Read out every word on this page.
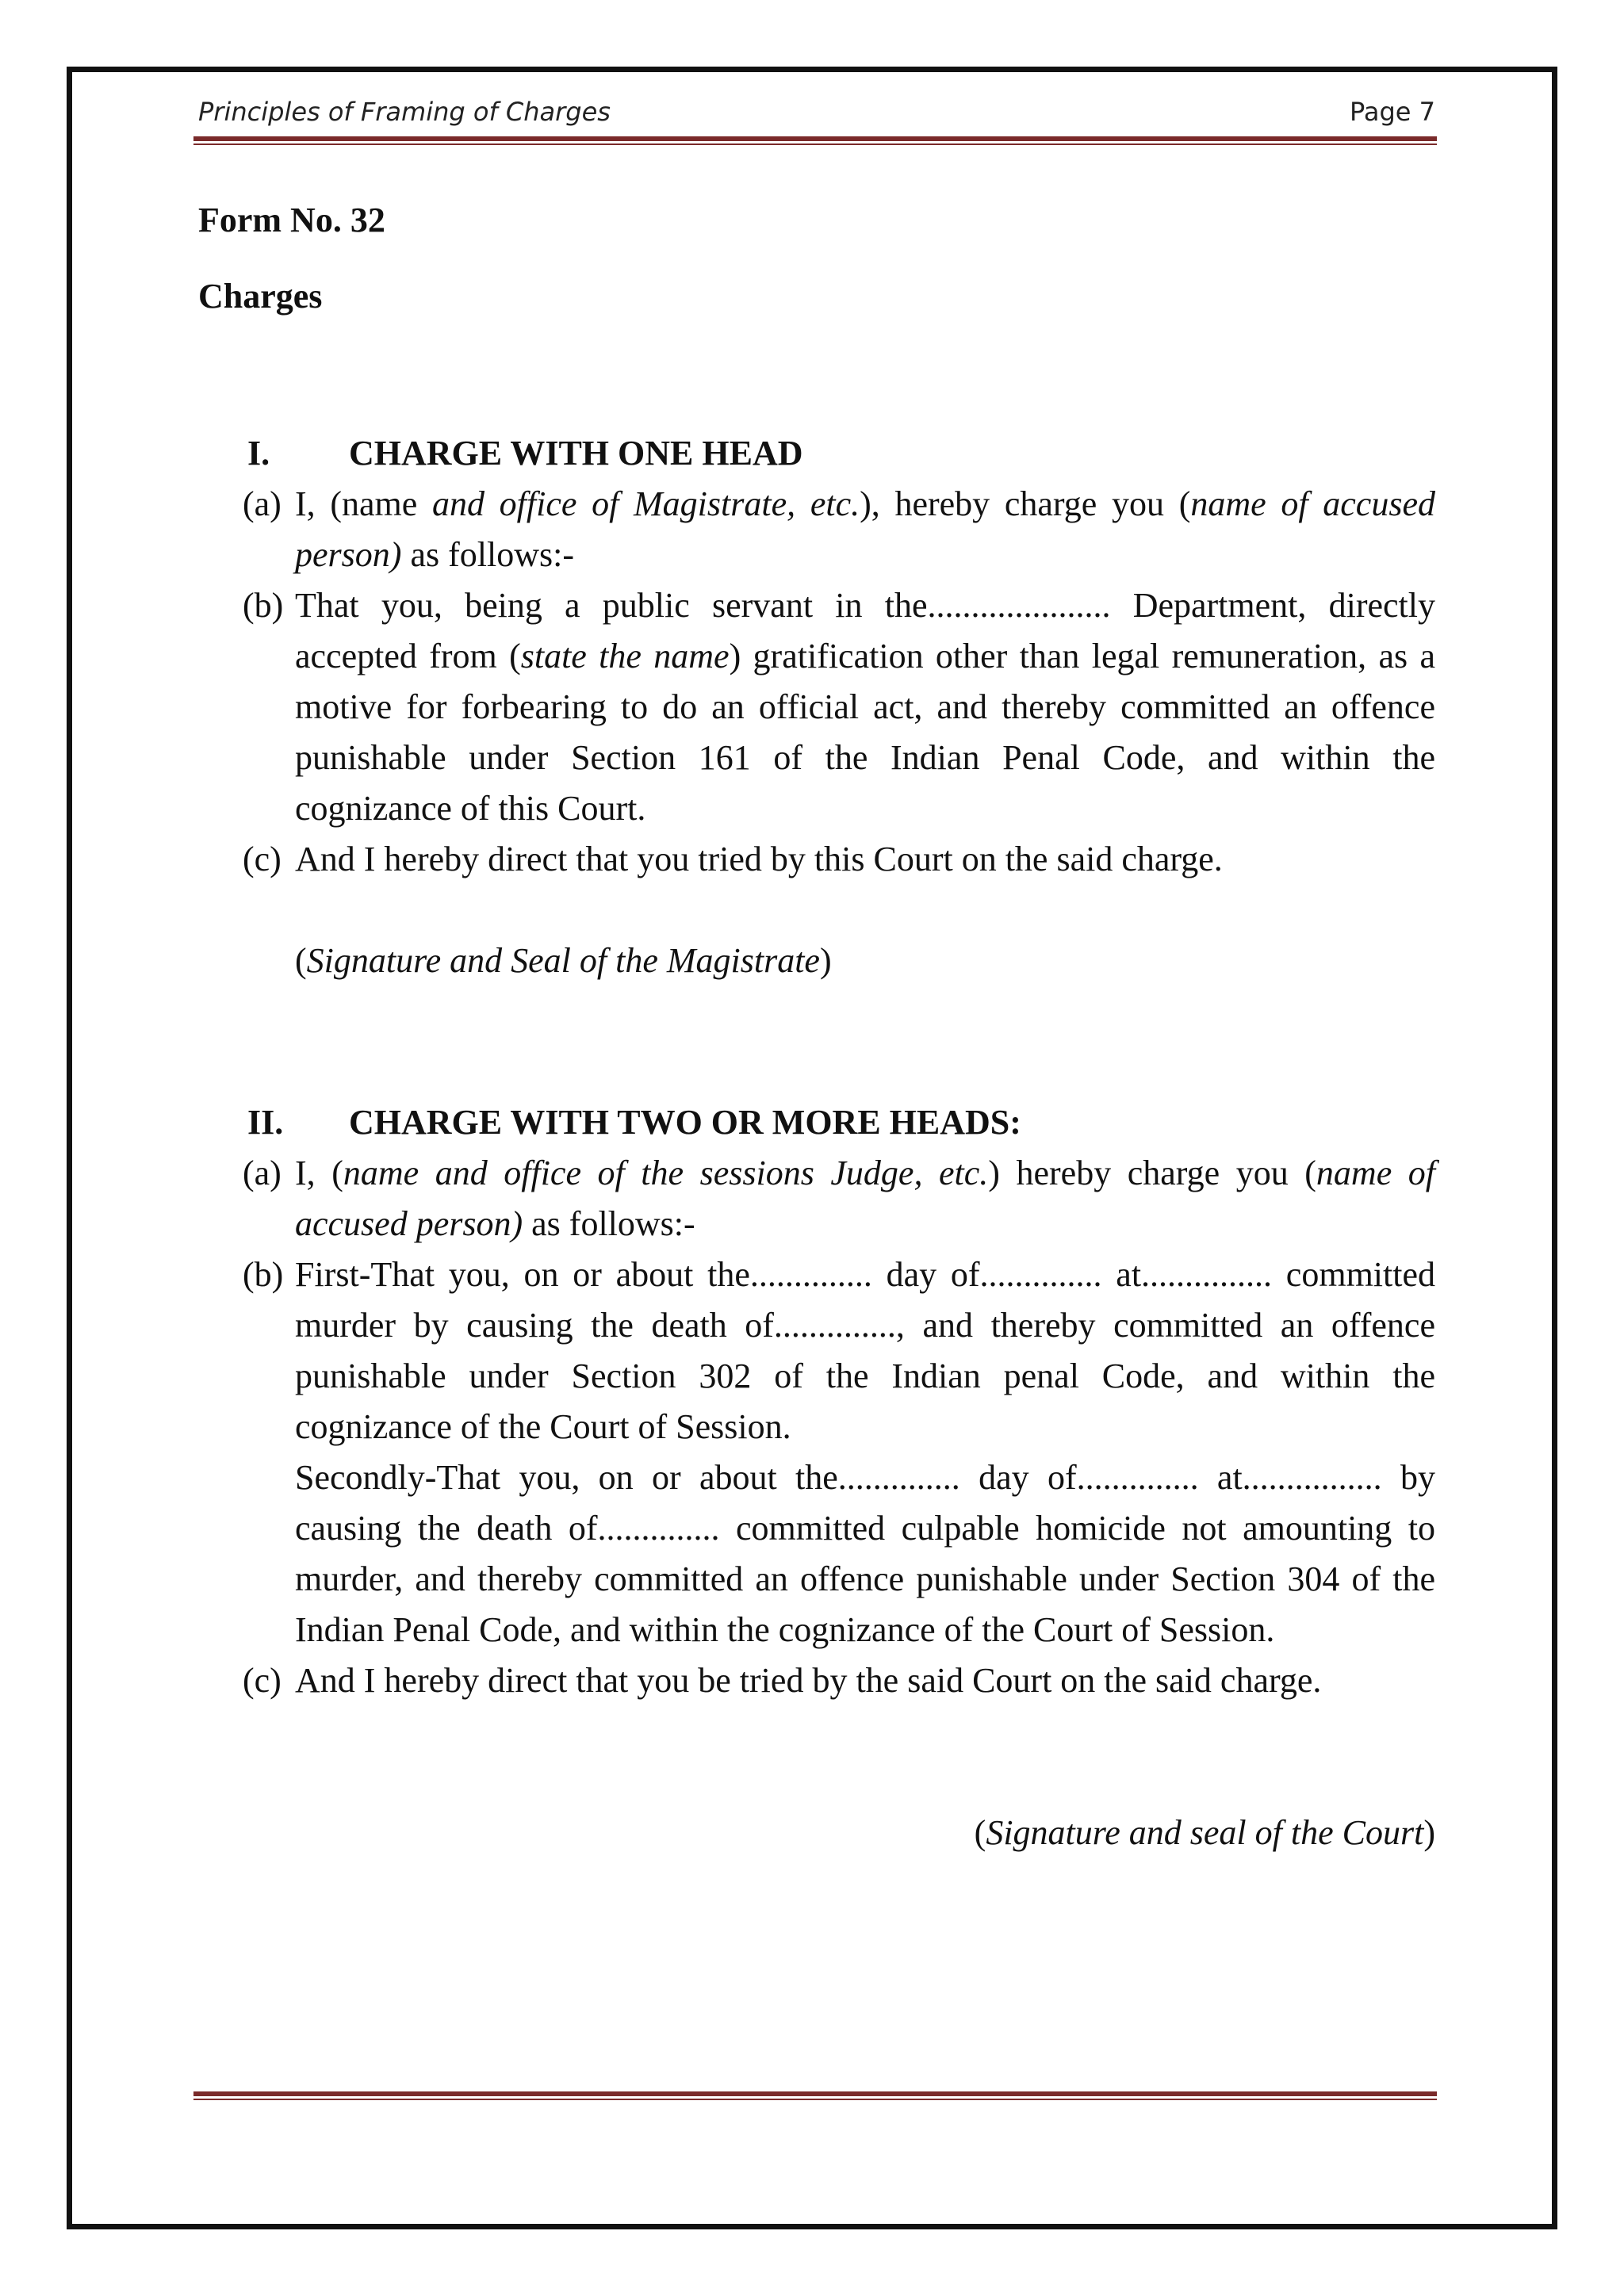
Principles of Framing of Charges	Page 7

Form No. 32

Charges

I. CHARGE WITH ONE HEAD

(a) I, (name and office of Magistrate, etc.), hereby charge you (name of accused person) as follows:-

(b) That you, being a public servant in the..................... Department, directly accepted from (state the name) gratification other than legal remuneration, as a motive for forbearing to do an official act, and thereby committed an offence punishable under Section 161 of the Indian Penal Code, and within the cognizance of this Court.

(c) And I hereby direct that you tried by this Court on the said charge.

(Signature and Seal of the Magistrate)

II. CHARGE WITH TWO OR MORE HEADS:

(a) I, (name and office of the sessions Judge, etc.) hereby charge you (name of accused person) as follows:-

(b) First-That you, on or about the.............. day of.............. at............... committed murder by causing the death of.............., and thereby committed an offence punishable under Section 302 of the Indian penal Code, and within the cognizance of the Court of Session.

Secondly-That you, on or about the.............. day of.............. at................ by causing the death of.............. committed culpable homicide not amounting to murder, and thereby committed an offence punishable under Section 304 of the Indian Penal Code, and within the cognizance of the Court of Session.

(c) And I hereby direct that you be tried by the said Court on the said charge.

(Signature and seal of the Court)
